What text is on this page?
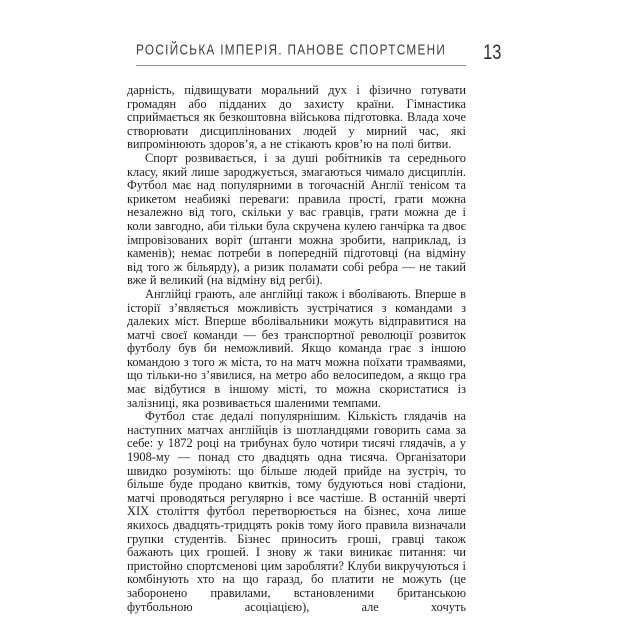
РОСІЙСЬКА ІМПЕРІЯ. ПАНОВЕ СПОРТСМЕНИ	13

дарність, підвищувати моральний дух і фізично готувати громадян або підданих до захисту країни. Гімнастика сприймається як безкоштовна військова підготовка. Влада хоче створювати дисциплінованих людей у мирний час, які випромінюють здоров’я, а не стікають кров’ю на полі битви.

Спорт розвивається, і за душі робітників та середнього класу, який лише зароджується, змагаються чимало дисциплін. Футбол має над популярними в тогочасній Англії тенісом та крикетом неабиякі переваги: правила прості, грати можна незалежно від того, скільки у вас гравців, грати можна де і коли завгодно, аби тільки була скручена кулею ганчірка та двоє імпровізованих воріт (штанги можна зробити, наприклад, із каменів); немає потреби в попередній підготовці (на відміну від того ж більярду), а ризик поламати собі ребра — не такий вже й великий (на відміну від регбі).

Англійці грають, але англійці також і вболівають. Вперше в історії з’являється можливість зустрічатися з командами з далеких міст. Вперше вболівальники можуть відправитися на матчі своєї команди — без транспортної революції розвиток футболу був би неможливий. Якщо команда грає з іншою командою з того ж міста, то на матч можна поїхати трамваями, що тільки-но з’явилися, на метро або велосипедом, а якщо гра має відбутися в іншому місті, то можна скористатися із залізниці, яка розвивається шаленими темпами.

Футбол стає дедалі популярнішим. Кількість глядачів на наступних матчах англійців із шотландцями говорить сама за себе: у 1872 році на трибунах було чотири тисячі глядачів, а у 1908-му — понад сто двадцять одна тисяча. Організатори швидко розуміють: що більше людей прийде на зустріч, то більше буде продано квитків, тому будуються нові стадіони, матчі проводяться регулярно і все частіше. В останній чверті XIX століття футбол перетворюється на бізнес, хоча лише якихось двадцять-тридцять років тому його правила визначали групки студентів. Бізнес приносить гроші, гравці також бажають цих грошей. І знову ж таки виникає питання: чи пристойно спортсменові цим заробляти? Клуби викручуються і комбінують хто на що гаразд, бо платити не можуть (це заборонено правилами, встановленими британською футбольною асоціацією), але хочуть
